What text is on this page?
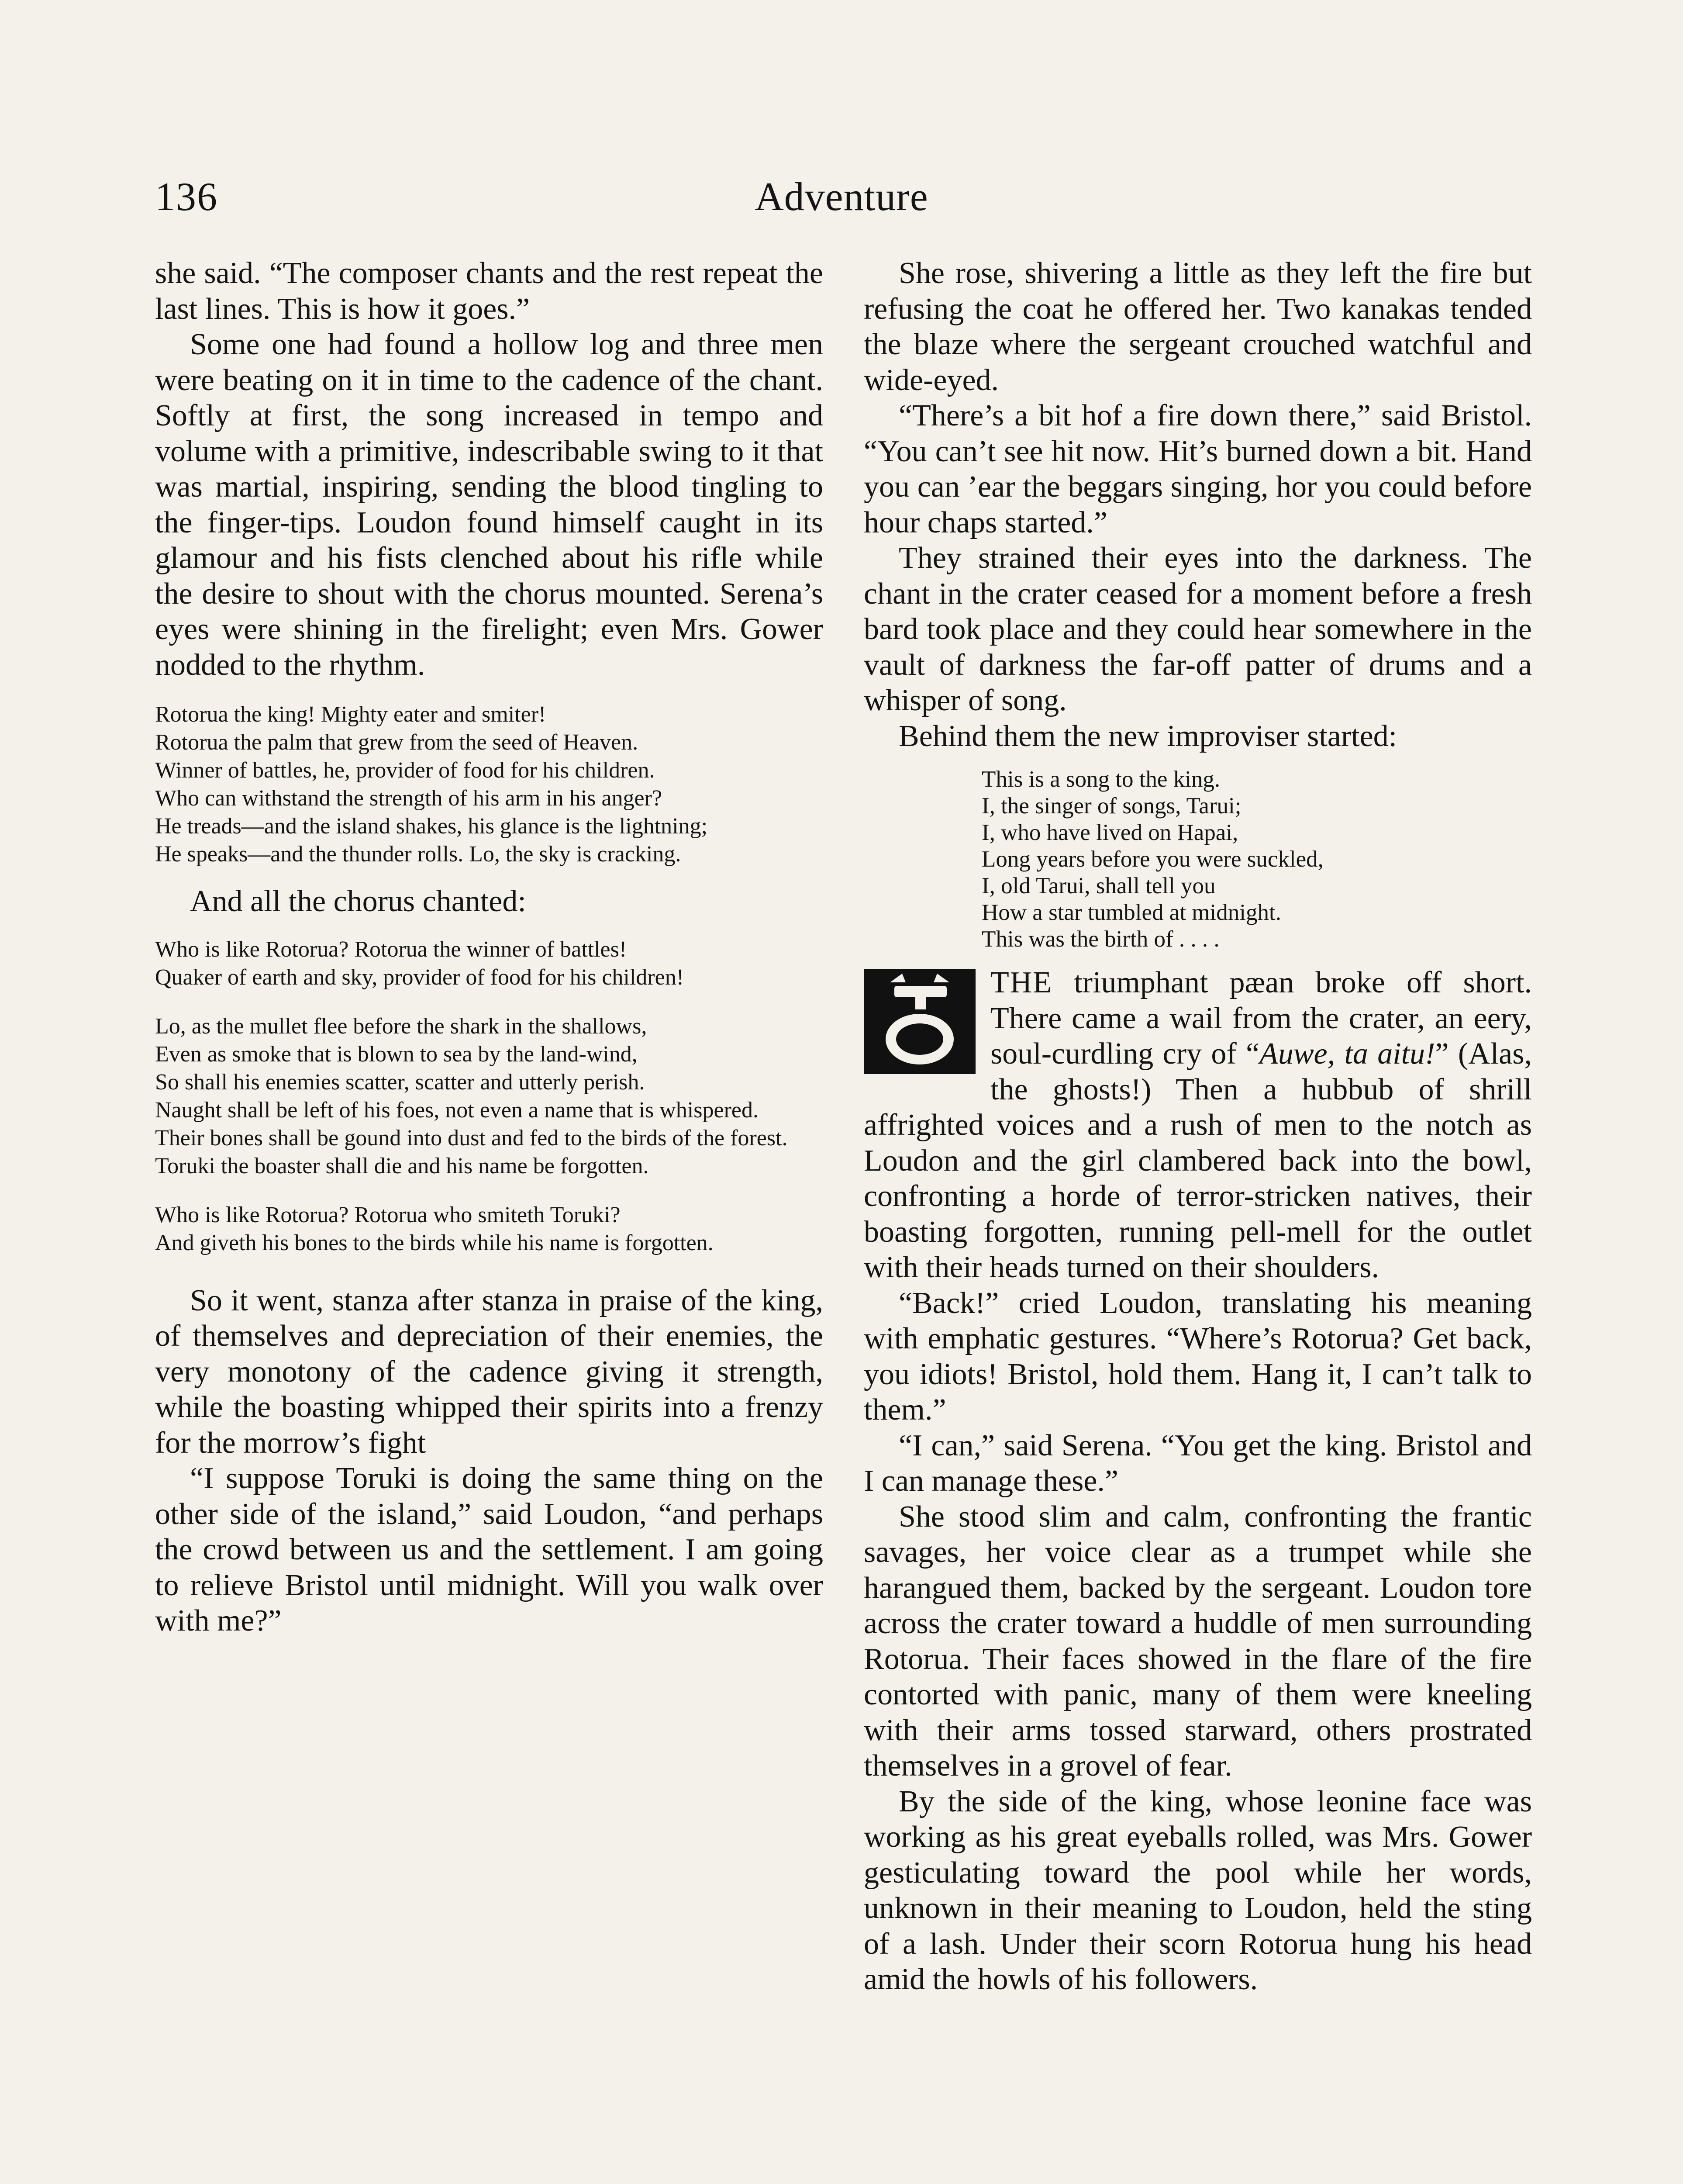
136	Adventure

she said. “The composer chants and the rest repeat the last lines. This is how it goes.”

Some one had found a hollow log and three men were beating on it in time to the cadence of the chant. Softly at first, the song increased in tempo and volume with a primitive, indescribable swing to it that was martial, inspiring, sending the blood tingling to the finger-tips. Loudon found himself caught in its glamour and his fists clenched about his rifle while the desire to shout with the chorus mounted. Serena’s eyes were shining in the firelight; even Mrs. Gower nodded to the rhythm.

Rotorua the king! Mighty eater and smiter!

Rotorua the palm that grew from the seed of Heaven.

Winner of battles, he, provider of food for his children.

Who can withstand the strength of his arm in his anger?

He treads—and the island shakes, his glance is the lightning;

He speaks—and the thunder rolls. Lo, the sky is cracking.

And all the chorus chanted:

Who is like Rotorua? Rotorua the winner of battles!

Quaker of earth and sky, provider of food for his children!

Lo, as the mullet flee before the shark in the shallows,

Even as smoke that is blown to sea by the land-wind,

So shall his enemies scatter, scatter and utterly perish.

Naught shall be left of his foes, not even a name that is whispered.

Their bones shall be gound into dust and fed to the birds of the forest.

Toruki the boaster shall die and his name be forgotten.

Who is like Rotorua? Rotorua who smiteth Toruki?

And giveth his bones to the birds while his name is forgotten.

So it went, stanza after stanza in praise of the king, of themselves and depreciation of their enemies, the very monotony of the cadence giving it strength, while the boasting whipped their spirits into a frenzy for the morrow’s fight

“I suppose Toruki is doing the same thing on the other side of the island,” said Loudon, “and perhaps the crowd between us and the settlement. I am going to relieve Bristol until midnight. Will you walk over with me?”

She rose, shivering a little as they left the fire but refusing the coat he offered her. Two kanakas tended the blaze where the sergeant crouched watchful and wide-eyed.

“There’s a bit hof a fire down there,” said Bristol. “You can’t see hit now. Hit’s burned down a bit. Hand you can ’ear the beggars singing, hor you could before hour chaps started.”

They strained their eyes into the darkness. The chant in the crater ceased for a moment before a fresh bard took place and they could hear somewhere in the vault of darkness the far-off patter of drums and a whisper of song.

Behind them the new improviser started:

This is a song to the king.

I, the singer of songs, Tarui;

I, who have lived on Hapai,

Long years before you were suckled,

I, old Tarui, shall tell you

How a star tumbled at midnight.

This was the birth of . . . .

THE triumphant pæan broke off short. There came a wail from the crater, an eery, soul-curdling cry of “Auwe, ta aitu!” (Alas, the ghosts!) Then a hubbub of shrill affrighted voices and a rush of men to the notch as Loudon and the girl clambered back into the bowl, confronting a horde of terror-stricken natives, their boasting forgotten, running pell-mell for the outlet with their heads turned on their shoulders.

“Back!” cried Loudon, translating his meaning with emphatic gestures. “Where’s Rotorua? Get back, you idiots! Bristol, hold them. Hang it, I can’t talk to them.”

“I can,” said Serena. “You get the king. Bristol and I can manage these.”

She stood slim and calm, confronting the frantic savages, her voice clear as a trumpet while she harangued them, backed by the sergeant. Loudon tore across the crater toward a huddle of men surrounding Rotorua. Their faces showed in the flare of the fire contorted with panic, many of them were kneeling with their arms tossed starward, others prostrated themselves in a grovel of fear.

By the side of the king, whose leonine face was working as his great eyeballs rolled, was Mrs. Gower gesticulating toward the pool while her words, unknown in their meaning to Loudon, held the sting of a lash. Under their scorn Rotorua hung his head amid the howls of his followers.
